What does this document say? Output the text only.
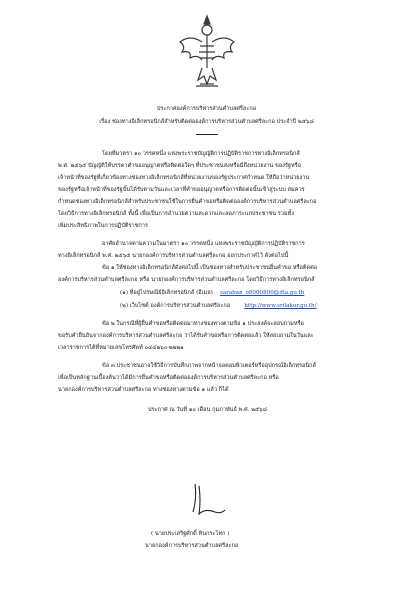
ประกาศองค์การบริหารส่วนตำบลศรีละกอ
เรื่อง ช่องทางอิเล็กทรอนิกส์สำหรับติดต่อองค์การบริหารส่วนตำบลศรีละกอ ประจำปี ๒๕๖๘
โดยที่มาตรา ๑๐ วรรคหนึ่ง แห่งพระราชบัญญัติการปฏิบัติราชการทางอิเล็กทรอนิกส์
พ.ศ. ๒๕๖๕ บัญญัติให้บรรดาคำขออนุญาตหรือติดต่อใดๆ ที่ประชาชนส่งหรือมีถึงหน่วยงาน ของรัฐหรือ
เจ้าหน้าที่ของรัฐที่เกี่ยวข้องทางช่องทางอิเล็กทรอนิกส์ที่หน่วยงานของรัฐประกาศกำหนด ให้ถือว่าหน่วยงาน
ของรัฐหรือเจ้าหน้าที่ของรัฐนั้นได้รับตามวันและเวลาที่คำขออนุญาตหรือการติดต่อนั้นเข้าสู่ระบบ สมควร
กำหนดช่องทางอิเล็กทรอนิกส์สำหรับประชาชนใช้ในการยื่นคำขอหรือติดต่อองค์การบริหารส่วนตำบลศรีละกอ
โดยวิธีการทางอิเล็กทรอนิกส์ ทั้งนี้ เพื่อเป็นการอำนวยความสะดวกและลดภาระแก่ประชาชน รวมทั้ง
เพิ่มประสิทธิภาพในการปฏิบัติราชการ
อาศัยอำนาจตามความในมาตรา ๑๐ วรรคหนึ่ง แห่งพระราชบัญญัติการปฏิบัติราชการ
ทางอิเล็กทรอนิกส์ พ.ศ. ๒๕๖๕ นายกองค์การบริหารส่วนตำบลศรีละกอ ออกประกาศไว้ ดังต่อไปนี้
ข้อ ๑ ให้ช่องทางอิเล็กทรอนิกส์ดังต่อไปนี้ เป็นช่องทางสำหรับประชาชนยื่นคำขอ หรือติดต่อ
องค์การบริหารส่วนตำบลศรีละกอ หรือ นายกองค์การบริหารส่วนตำบลศรีละกอ โดยวิธีการทางอิเล็กทรอนิกส์
(๑) ที่อยู่ไปรษณีย์อิเล็กทรอนิกส์ (อีเมล) saraban_o8000800@dla.go.th
(๒) เว็บไซต์ องค์การบริหารส่วนตำบลศรีละกอ	http://www.srilakor.go.th/
ข้อ ๒ ในกรณีที่ผู้ยื่นคำขอหรือติดต่อมาทางช่องทางตามข้อ ๑ ประสงค์จะสอบถามหรือ
ขอรับคำยืนยันจากองค์การบริหารส่วนตำบลศรีละกอ ว่าได้รับคำขอหรือการติดต่อแล้ว ให้สอบถามในวันและ
เวลาราชการได้ที่หมายเลขโทรศัพท์ ๐๔๔๒๖๐-๒๒๒๑
ข้อ ๓ ประชาชนอาจใช้วิธีการบันทึกภาพจากหน้าจอคอมพิวเตอร์หรืออุปกรณ์อิเล็กทรอนิกส์
เพื่อเป็นหลักฐานเบื้องต้นว่าได้มีการยื่นคำขอหรือติดต่อองค์การบริหารส่วนตำบลศรีละกอ หรือ
นายกองค์การบริหารส่วนตำบลศรีละกอ ทางช่องทางตามข้อ ๑ แล้ว ก็ได้
ประกาศ ณ วันที่ ๑๐ เดือน กุมภาพันธ์ พ.ศ. ๒๕๖๘
( นายประเสริฐศักดิ์ ทินกระโทก )
นายกองค์การบริหารส่วนตำบลศรีละกอ
